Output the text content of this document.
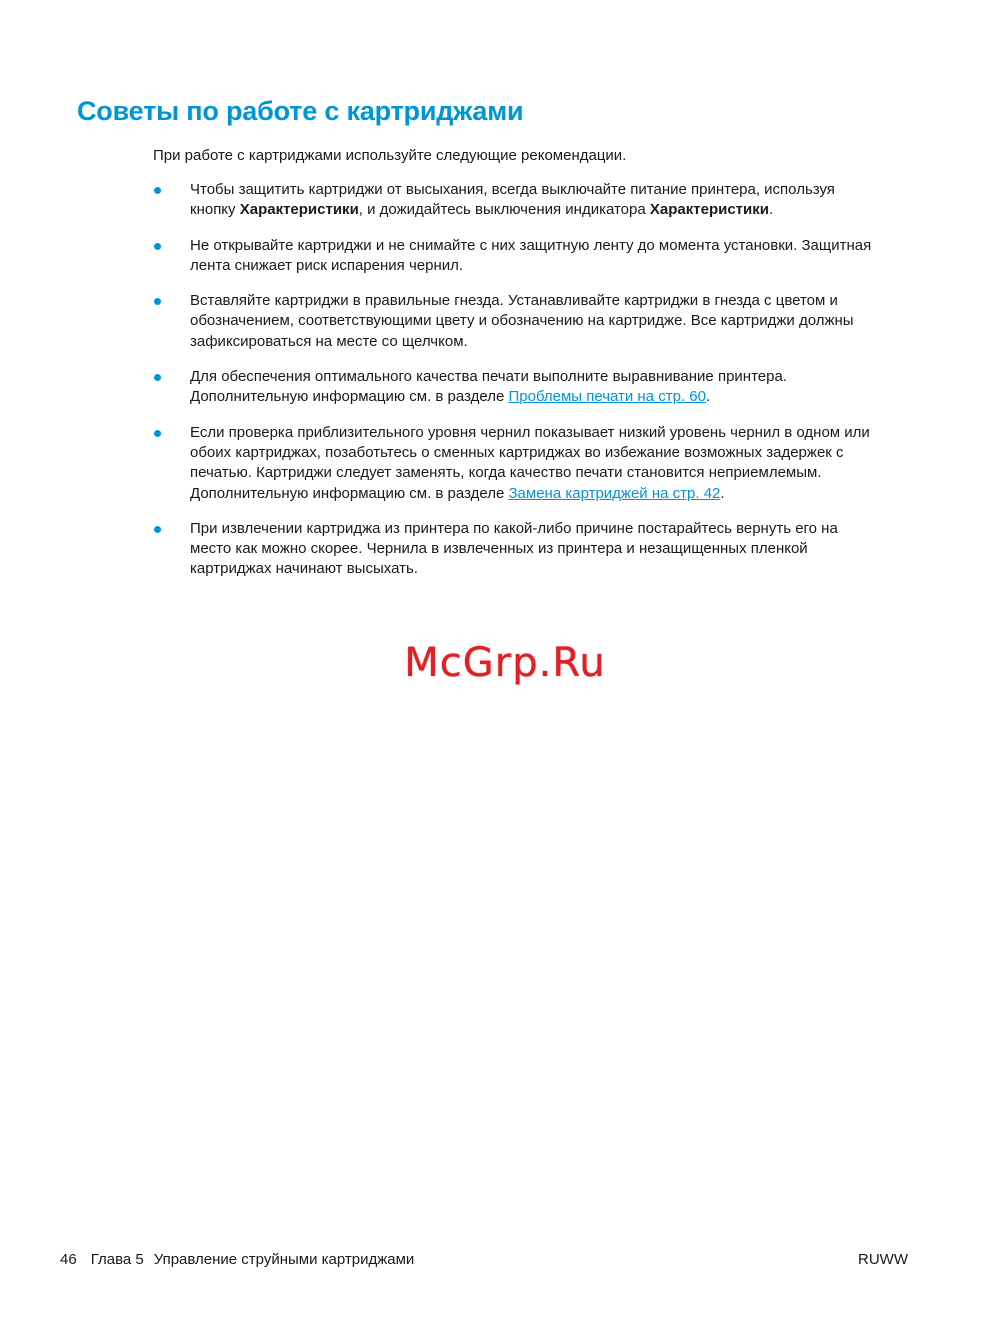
Советы по работе с картриджами

При работе с картриджами используйте следующие рекомендации.

Чтобы защитить картриджи от высыхания, всегда выключайте питание принтера, используя
кнопку Характеристики, и дожидайтесь выключения индикатора Характеристики.
Не открывайте картриджи и не снимайте с них защитную ленту до момента установки. Защитная
лента снижает риск испарения чернил.
Вставляйте картриджи в правильные гнезда. Устанавливайте картриджи в гнезда с цветом и
обозначением, соответствующими цвету и обозначению на картридже. Все картриджи должны
зафиксироваться на месте со щелчком.
Для обеспечения оптимального качества печати выполните выравнивание принтера.
Дополнительную информацию см. в разделе Проблемы печати на стр. 60.
Если проверка приблизительного уровня чернил показывает низкий уровень чернил в одном или
обоих картриджах, позаботьтесь о сменных картриджах во избежание возможных задержек с
печатью. Картриджи следует заменять, когда качество печати становится неприемлемым.
Дополнительную информацию см. в разделе Замена картриджей на стр. 42.
При извлечении картриджа из принтера по какой-либо причине постарайтесь вернуть его на
место как можно скорее. Чернила в извлеченных из принтера и незащищенных пленкой
картриджах начинают высыхать.
McGrp.Ru
46 Глава 5 Управление струйными картриджами	RUWW
